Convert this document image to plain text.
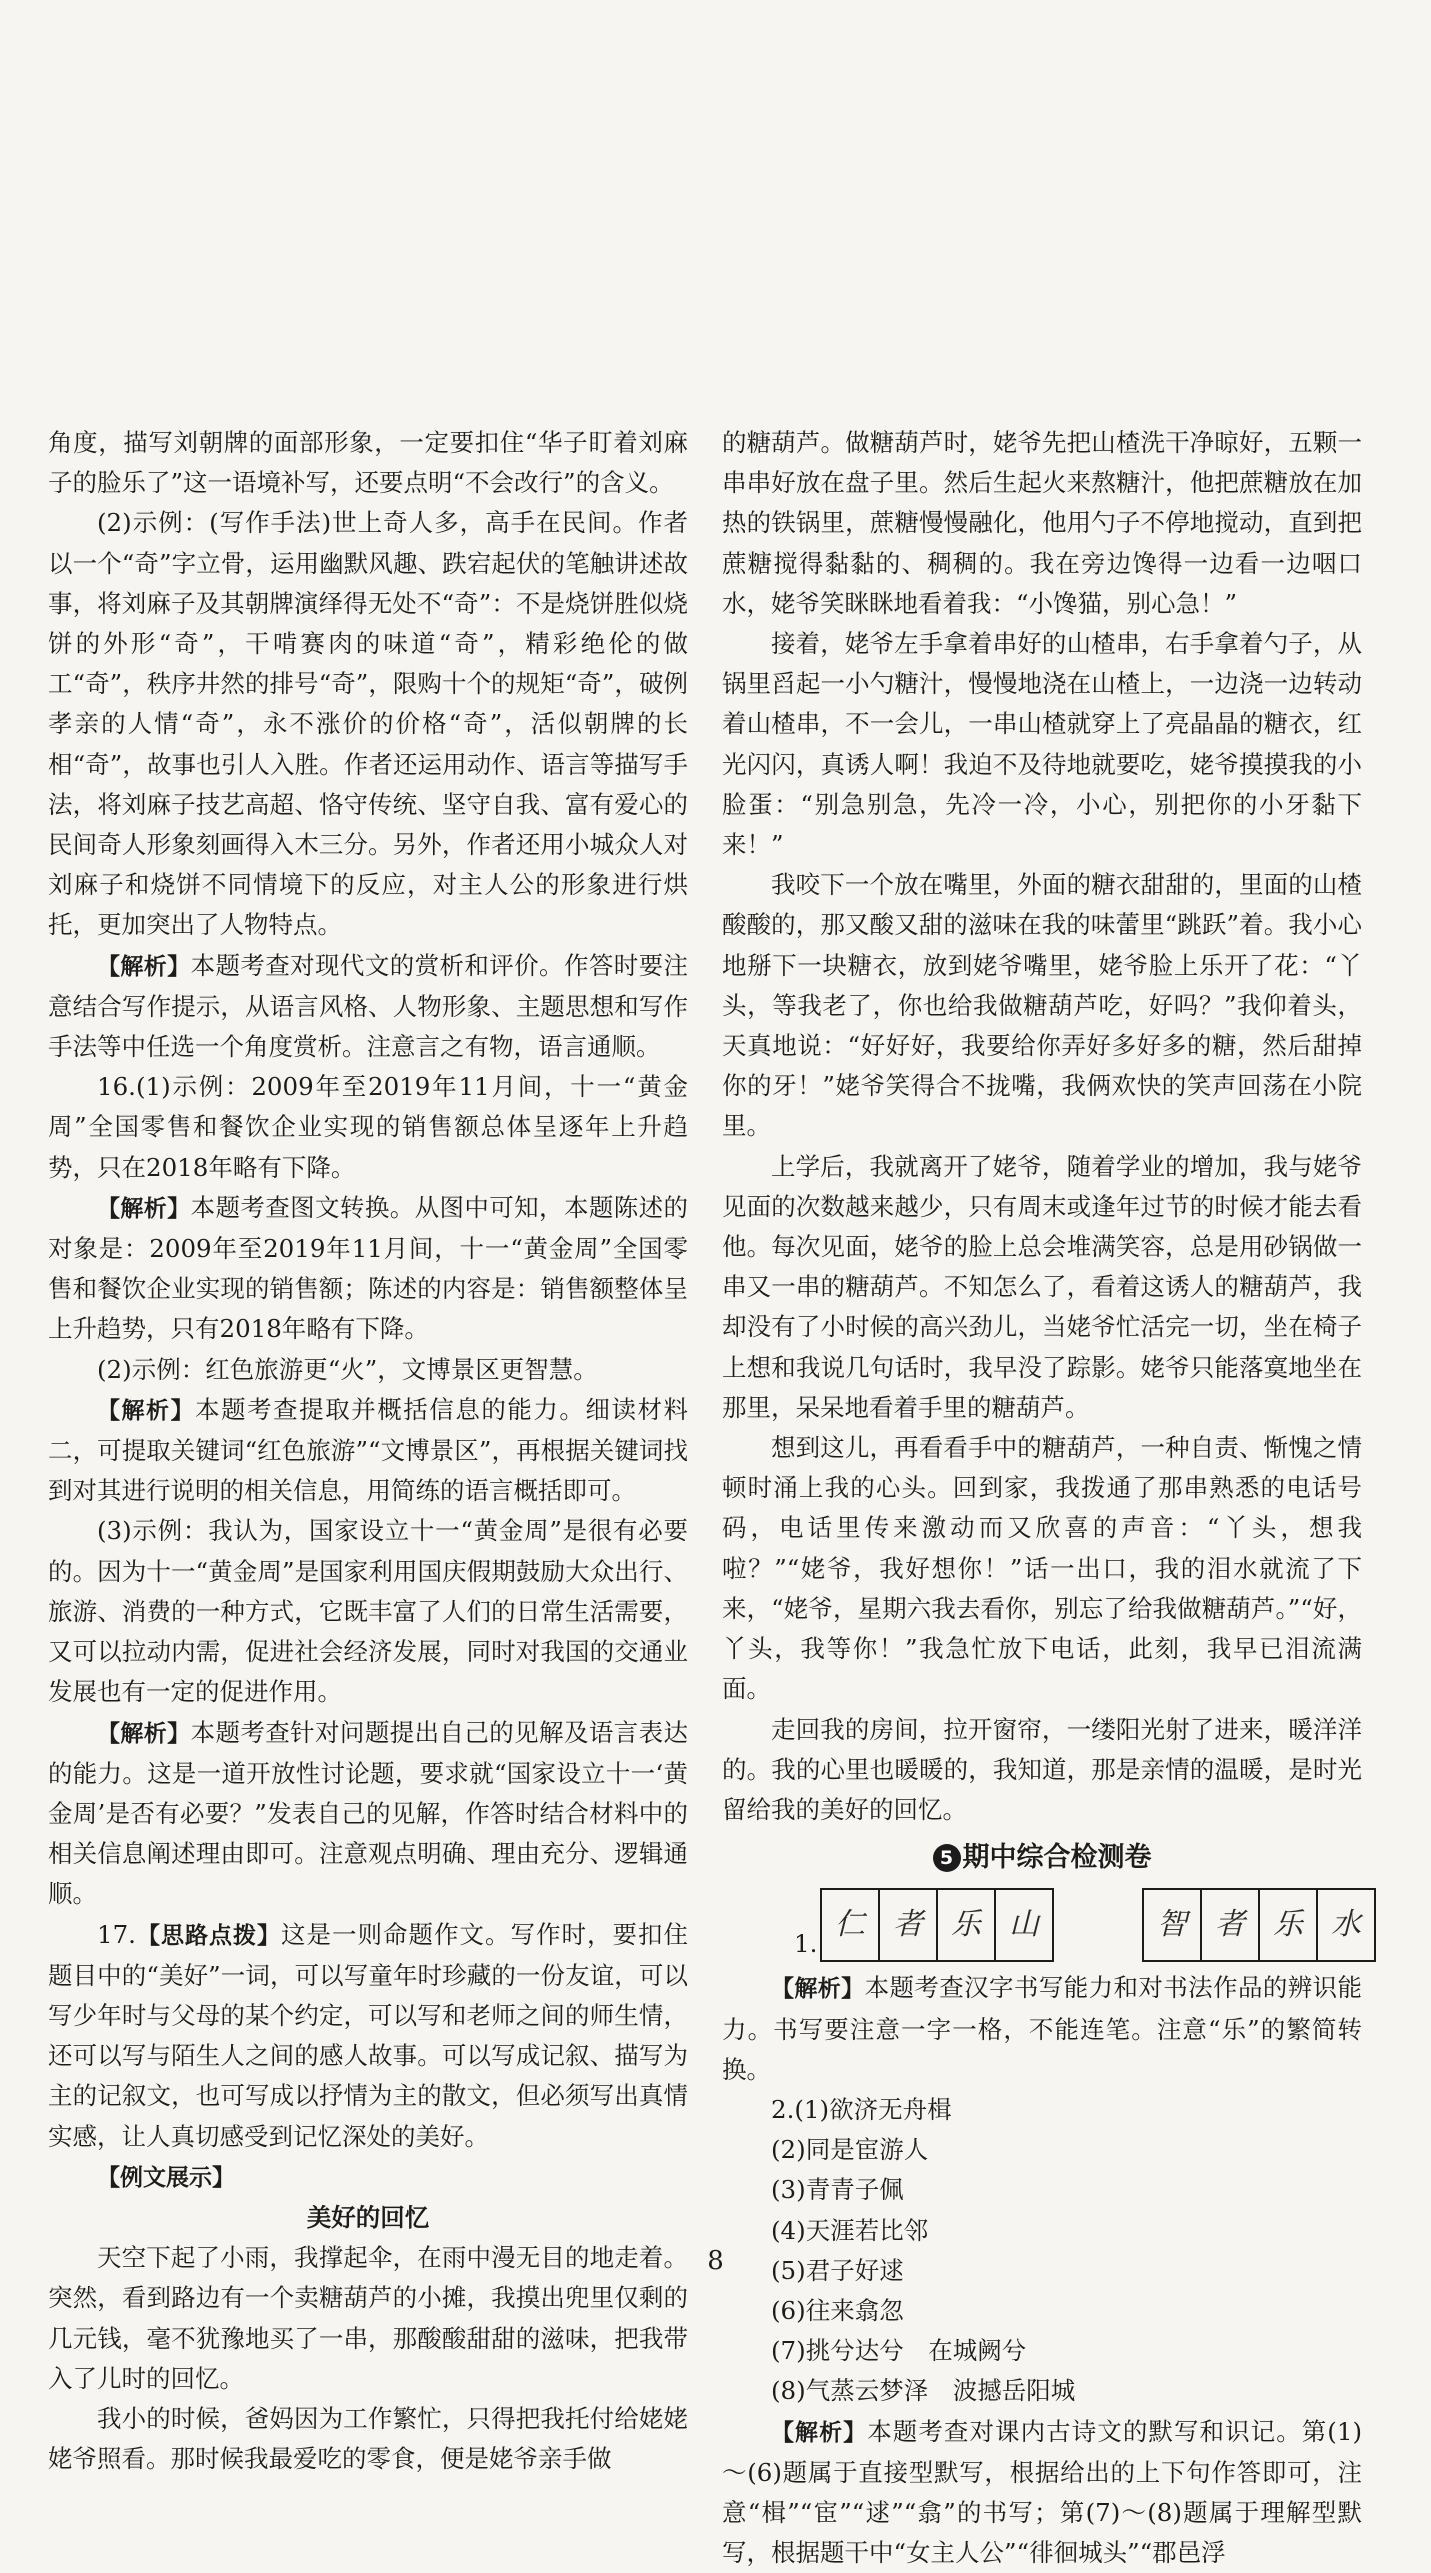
角度，描写刘朝牌的面部形象，一定要扣住“华子盯着刘麻子的脸乐了”这一语境补写，还要点明“不会改行”的含义。

(2)示例：(写作手法)世上奇人多，高手在民间。作者以一个“奇”字立骨，运用幽默风趣、跌宕起伏的笔触讲述故事，将刘麻子及其朝牌演绎得无处不“奇”：不是烧饼胜似烧饼的外形“奇”，干啃赛肉的味道“奇”，精彩绝伦的做工“奇”，秩序井然的排号“奇”，限购十个的规矩“奇”，破例孝亲的人情“奇”，永不涨价的价格“奇”，活似朝牌的长相“奇”，故事也引人入胜。作者还运用动作、语言等描写手法，将刘麻子技艺高超、恪守传统、坚守自我、富有爱心的民间奇人形象刻画得入木三分。另外，作者还用小城众人对刘麻子和烧饼不同情境下的反应，对主人公的形象进行烘托，更加突出了人物特点。

【解析】本题考查对现代文的赏析和评价。作答时要注意结合写作提示，从语言风格、人物形象、主题思想和写作手法等中任选一个角度赏析。注意言之有物，语言通顺。

16.(1)示例：2009年至2019年11月间，十一“黄金周”全国零售和餐饮企业实现的销售额总体呈逐年上升趋势，只在2018年略有下降。

【解析】本题考查图文转换。从图中可知，本题陈述的对象是：2009年至2019年11月间，十一“黄金周”全国零售和餐饮企业实现的销售额；陈述的内容是：销售额整体呈上升趋势，只有2018年略有下降。

(2)示例：红色旅游更“火”，文博景区更智慧。

【解析】本题考查提取并概括信息的能力。细读材料二，可提取关键词“红色旅游”“文博景区”，再根据关键词找到对其进行说明的相关信息，用简练的语言概括即可。

(3)示例：我认为，国家设立十一“黄金周”是很有必要的。因为十一“黄金周”是国家利用国庆假期鼓励大众出行、旅游、消费的一种方式，它既丰富了人们的日常生活需要，又可以拉动内需，促进社会经济发展，同时对我国的交通业发展也有一定的促进作用。

【解析】本题考查针对问题提出自己的见解及语言表达的能力。这是一道开放性讨论题，要求就“国家设立十一‘黄金周’是否有必要？”发表自己的见解，作答时结合材料中的相关信息阐述理由即可。注意观点明确、理由充分、逻辑通顺。

17.【思路点拨】这是一则命题作文。写作时，要扣住题目中的“美好”一词，可以写童年时珍藏的一份友谊，可以写少年时与父母的某个约定，可以写和老师之间的师生情，还可以写与陌生人之间的感人故事。可以写成记叙、描写为主的记叙文，也可写成以抒情为主的散文，但必须写出真情实感，让人真切感受到记忆深处的美好。

【例文展示】

美好的回忆

天空下起了小雨，我撑起伞，在雨中漫无目的地走着。突然，看到路边有一个卖糖葫芦的小摊，我摸出兜里仅剩的几元钱，毫不犹豫地买了一串，那酸酸甜甜的滋味，把我带入了儿时的回忆。

我小的时候，爸妈因为工作繁忙，只得把我托付给姥姥姥爷照看。那时候我最爱吃的零食，便是姥爷亲手做

的糖葫芦。做糖葫芦时，姥爷先把山楂洗干净晾好，五颗一串串好放在盘子里。然后生起火来熬糖汁，他把蔗糖放在加热的铁锅里，蔗糖慢慢融化，他用勺子不停地搅动，直到把蔗糖搅得黏黏的、稠稠的。我在旁边馋得一边看一边咽口水，姥爷笑眯眯地看着我：“小馋猫，别心急！”

接着，姥爷左手拿着串好的山楂串，右手拿着勺子，从锅里舀起一小勺糖汁，慢慢地浇在山楂上，一边浇一边转动着山楂串，不一会儿，一串山楂就穿上了亮晶晶的糖衣，红光闪闪，真诱人啊！我迫不及待地就要吃，姥爷摸摸我的小脸蛋：“别急别急，先冷一冷，小心，别把你的小牙黏下来！”

我咬下一个放在嘴里，外面的糖衣甜甜的，里面的山楂酸酸的，那又酸又甜的滋味在我的味蕾里“跳跃”着。我小心地掰下一块糖衣，放到姥爷嘴里，姥爷脸上乐开了花：“丫头，等我老了，你也给我做糖葫芦吃，好吗？”我仰着头，天真地说：“好好好，我要给你弄好多好多的糖，然后甜掉你的牙！”姥爷笑得合不拢嘴，我俩欢快的笑声回荡在小院里。

上学后，我就离开了姥爷，随着学业的增加，我与姥爷见面的次数越来越少，只有周末或逢年过节的时候才能去看他。每次见面，姥爷的脸上总会堆满笑容，总是用砂锅做一串又一串的糖葫芦。不知怎么了，看着这诱人的糖葫芦，我却没有了小时候的高兴劲儿，当姥爷忙活完一切，坐在椅子上想和我说几句话时，我早没了踪影。姥爷只能落寞地坐在那里，呆呆地看着手里的糖葫芦。

想到这儿，再看看手中的糖葫芦，一种自责、惭愧之情顿时涌上我的心头。回到家，我拨通了那串熟悉的电话号码，电话里传来激动而又欣喜的声音：“丫头，想我啦？”“姥爷，我好想你！”话一出口，我的泪水就流了下来，“姥爷，星期六我去看你，别忘了给我做糖葫芦。”“好，丫头，我等你！”我急忙放下电话，此刻，我早已泪流满面。

走回我的房间，拉开窗帘，一缕阳光射了进来，暖洋洋的。我的心里也暖暖的，我知道，那是亲情的温暖，是时光留给我的美好的回忆。

5 期中综合检测卷

1.
仁 者 乐 山	智 者 乐 水

【解析】本题考查汉字书写能力和对书法作品的辨识能力。书写要注意一字一格，不能连笔。注意“乐”的繁简转换。

2.(1)欲济无舟楫

(2)同是宦游人

(3)青青子佩

(4)天涯若比邻

(5)君子好逑

(6)往来翕忽

(7)挑兮达兮　在城阙兮

(8)气蒸云梦泽　波撼岳阳城

【解析】本题考查对课内古诗文的默写和识记。第(1)～(6)题属于直接型默写，根据给出的上下句作答即可，注意“楫”“宦”“逑”“翕”的书写；第(7)～(8)题属于理解型默写，根据题干中“女主人公”“徘徊城头”“郡邑浮

8
